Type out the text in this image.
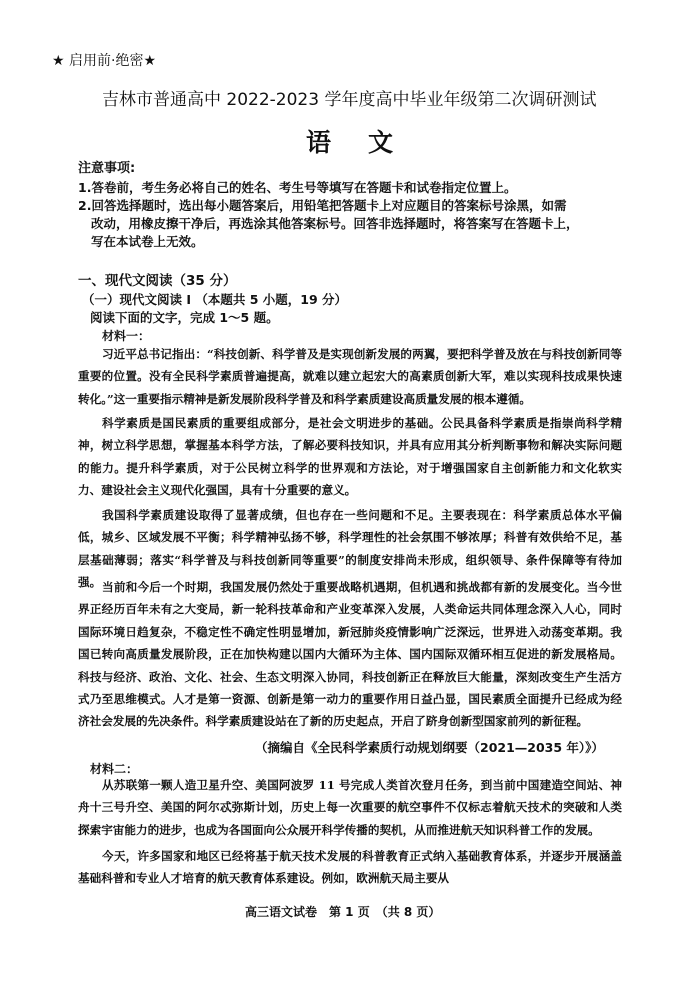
★ 启用前·绝密★
吉林市普通高中 2022-2023 学年度高中毕业年级第二次调研测试
语　文
注意事项:
1.答卷前，考生务必将自己的姓名、考生号等填写在答题卡和试卷指定位置上。
2.回答选择题时，选出每小题答案后，用铅笔把答题卡上对应题目的答案标号涂黑，如需
改动，用橡皮擦干净后，再选涂其他答案标号。回答非选择题时，将答案写在答题卡上，
写在本试卷上无效。
一、现代文阅读（35 分）
（一）现代文阅读 I （本题共 5 小题，19 分）
阅读下面的文字，完成 1～5 题。
材料一：
习近平总书记指出：“科技创新、科学普及是实现创新发展的两翼，要把科学普及放在与科技创新同等重要的位置。没有全民科学素质普遍提高，就难以建立起宏大的高素质创新大军，难以实现科技成果快速转化。”这一重要指示精神是新发展阶段科学普及和科学素质建设高质量发展的根本遵循。
科学素质是国民素质的重要组成部分，是社会文明进步的基础。公民具备科学素质是指崇尚科学精神，树立科学思想，掌握基本科学方法，了解必要科技知识，并具有应用其分析判断事物和解决实际问题的能力。提升科学素质，对于公民树立科学的世界观和方法论，对于增强国家自主创新能力和文化软实力、建设社会主义现代化强国，具有十分重要的意义。
我国科学素质建设取得了显著成绩，但也存在一些问题和不足。主要表现在：科学素质总体水平偏低，城乡、区域发展不平衡；科学精神弘扬不够，科学理性的社会氛围不够浓厚；科普有效供给不足，基层基础薄弱；落实“科学普及与科技创新同等重要”的制度安排尚未形成，组织领导、条件保障等有待加强。 当前和今后一个时期，我国发展仍然处于重要战略机遇期，但机遇和挑战都有新的发展变化。当今世界正经历百年未有之大变局，新一轮科技革命和产业变革深入发展，人类命运共同体理念深入人心，同时国际环境日趋复杂，不稳定性不确定性明显增加，新冠肺炎疫情影响广泛深远，世界进入动荡变革期。我国已转向高质量发展阶段，正在加快构建以国内大循环为主体、国内国际双循环相互促进的新发展格局。科技与经济、政治、文化、社会、生态文明深入协同，科技创新正在释放巨大能量，深刻改变生产生活方式乃至思维模式。人才是第一资源、创新是第一动力的重要作用日益凸显，国民素质全面提升已经成为经济社会发展的先决条件。科学素质建设站在了新的历史起点，开启了跻身创新型国家前列的新征程。
（摘编自《全民科学素质行动规划纲要（2021—2035 年）》）
材料二：
从苏联第一颗人造卫星升空、美国阿波罗 11 号完成人类首次登月任务，到当前中国建造空间站、神舟十三号升空、美国的阿尔忒弥斯计划，历史上每一次重要的航空事件不仅标志着航天技术的突破和人类探索宇宙能力的进步，也成为各国面向公众展开科学传播的契机，从而推进航天知识科普工作的发展。
今天，许多国家和地区已经将基于航天技术发展的科普教育正式纳入基础教育体系，并逐步开展涵盖基础科普和专业人才培育的航天教育体系建设。例如，欧洲航天局主要从
高三语文试卷　第 1 页　（共 8 页）
